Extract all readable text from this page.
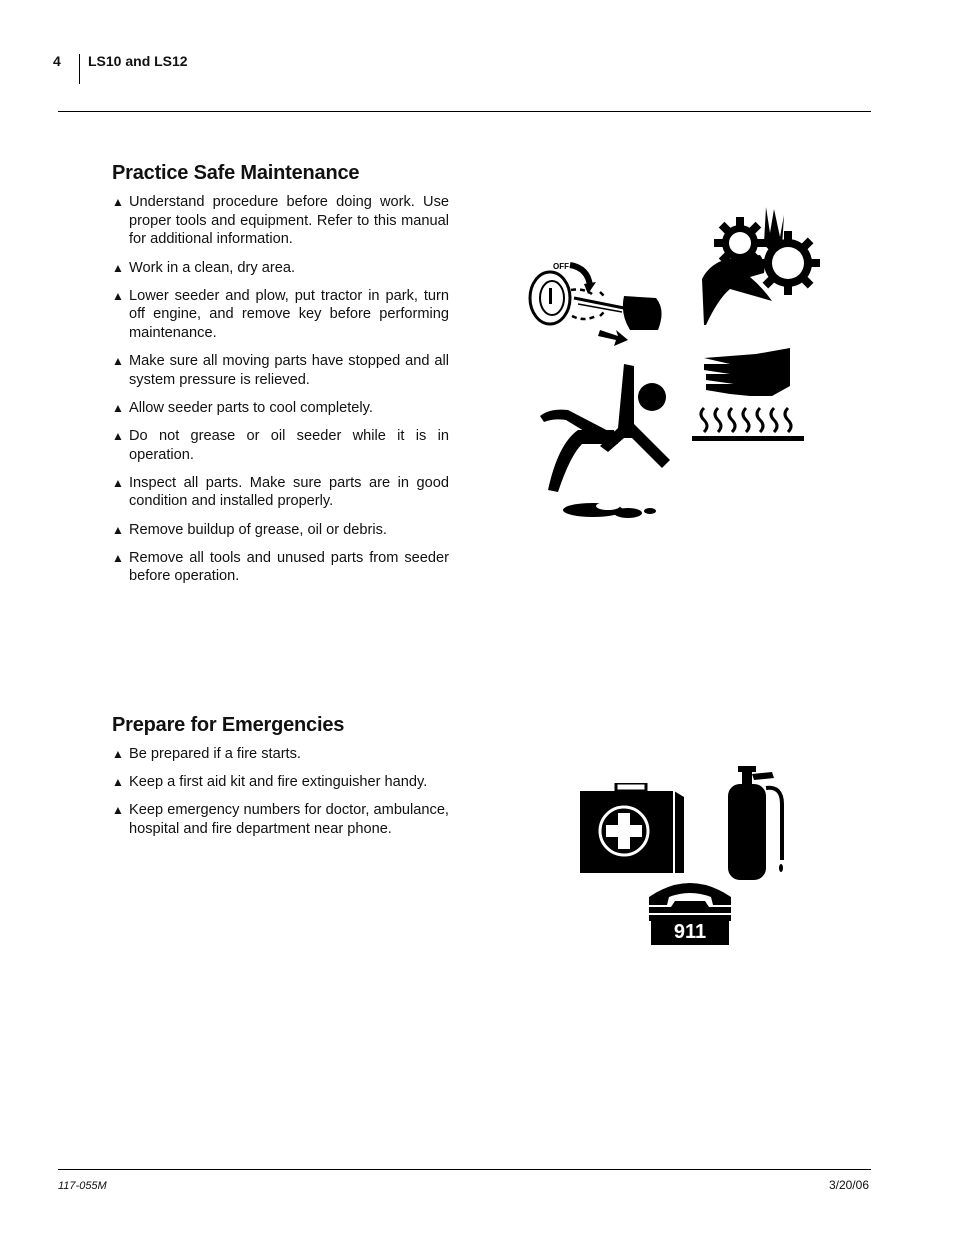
4 LS10 and LS12
Practice Safe Maintenance
▲ Understand procedure before doing work. Use proper tools and equipment. Refer to this manual for additional information.
▲ Work in a clean, dry area.
▲ Lower seeder and plow, put tractor in park, turn off engine, and remove key before performing maintenance.
▲ Make sure all moving parts have stopped and all system pressure is relieved.
▲ Allow seeder parts to cool completely.
▲ Do not grease or oil seeder while it is in operation.
▲ Inspect all parts. Make sure parts are in good condition and installed properly.
▲ Remove buildup of grease, oil or debris.
▲ Remove all tools and unused parts from seeder before operation.
Prepare for Emergencies
▲ Be prepared if a fire starts.
▲ Keep a first aid kit and fire extinguisher handy.
▲ Keep emergency numbers for doctor, ambulance, hospital and fire department near phone.
OFF
911
117-055M	3/20/06
